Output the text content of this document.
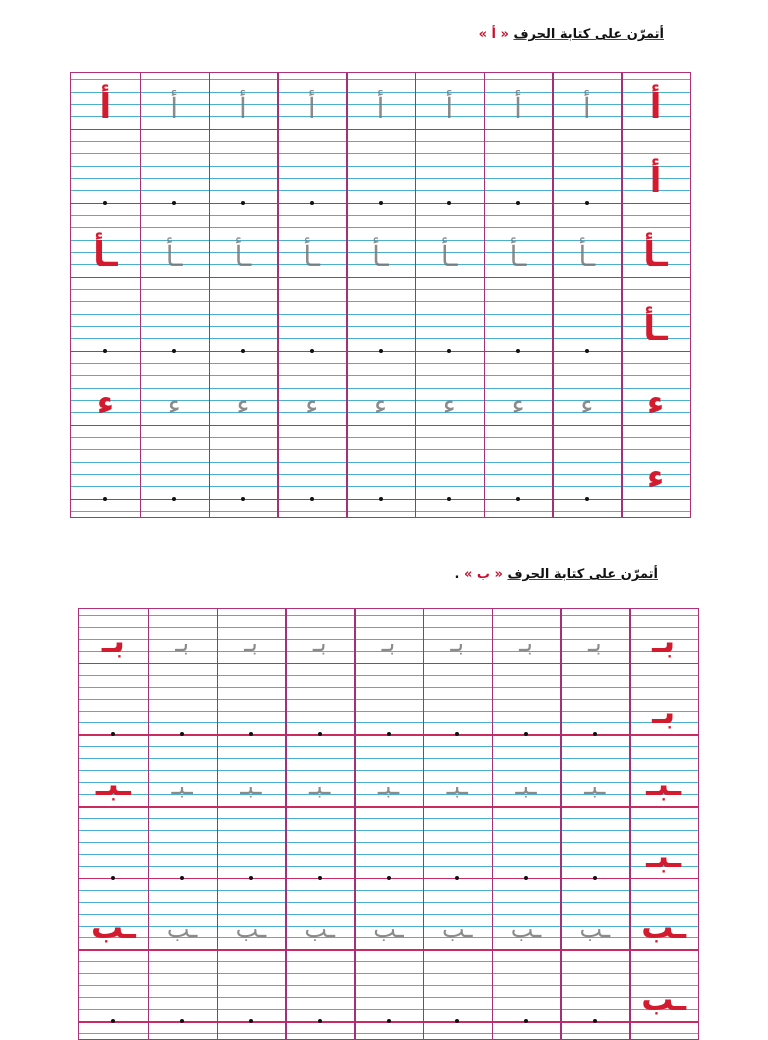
أتمرّن على كتابة الحرف « أ »
أ
أ	أ	أ	أ	أ	أ	أ	أ
أ
ـأ
ـأ	ـأ	ـأ	ـأ	ـأ	ـأ	ـأ	ـأ
ـأ
ء
ء	ء	ء	ء	ء	ء	ء	ء
ء
أتمرّن على كتابة الحرف « ب » .
بـ
بـ	بـ	بـ	بـ	بـ	بـ	بـ	بـ
بـ
ـبـ
ـبـ	ـبـ	ـبـ	ـبـ	ـبـ	ـبـ	ـبـ	ـبـ
ـبـ
ـب
ـب	ـب	ـب	ـب	ـب	ـب	ـب	ـب
ـب
